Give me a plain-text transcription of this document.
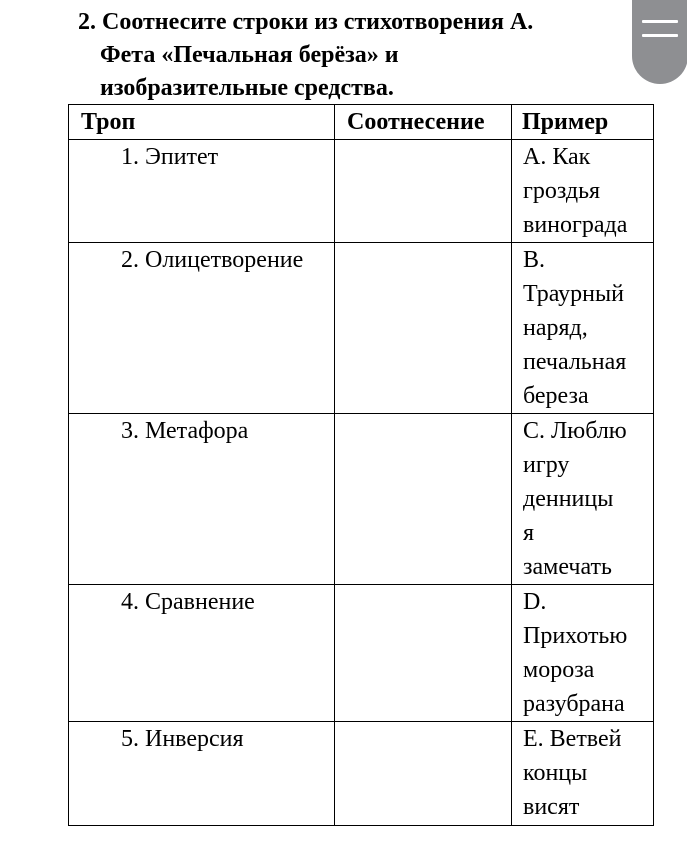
2. Соотнесите строки из стихотворения А.
Фета «Печальная берёза» и
изобразительные средства.
Троп	Соотнесение	Пример
1. Эпитет		А. Как
гроздья
винограда

2. Олицетворение		В.
Траурный
наряд,
печальная
береза

3. Метафора		С. Люблю
игру
денницы
я
замечать

4. Сравнение		D.
Прихотью
мороза
разубрана

5. Инверсия		Е. Ветвей
концы
висят
